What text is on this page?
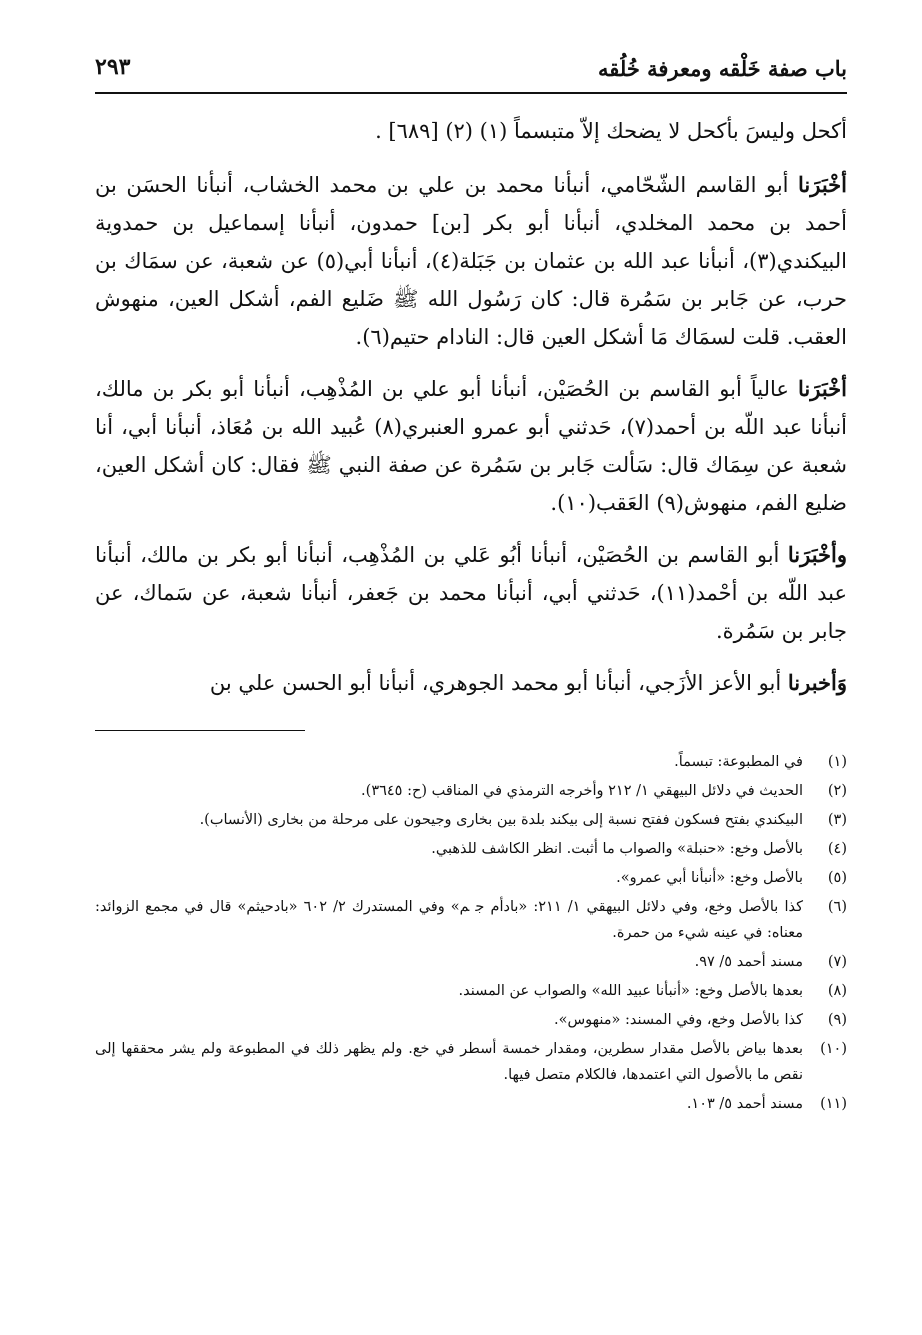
باب صفة خَلْقه ومعرفة خُلُقه
٢٩٣

أكحل وليسَ بأكحل لا يضحك إلاّ متبسماً (١) (٢) [٦٨٩] .

أخْبَرَنا أبو القاسم الشّحّامي، أنبأنا محمد بن علي بن محمد الخشاب، أنبأنا الحسَن بن أحمد بن محمد المخلدي، أنبأنا أبو بكر [بن] حمدون، أنبأنا إسماعيل بن حمدوية البيكندي(٣)، أنبأنا عبد الله بن عثمان بن جَبَلة(٤)، أنبأنا أبي(٥) عن شعبة، عن سمَاك بن حرب، عن جَابر بن سَمُرة قال: كان رَسُول الله ﷺ ضَليع الفم، أشكل العين، منهوش العقب. قلت لسمَاك مَا أشكل العين قال: النادام حتيم(٦).

أخْبَرَنا عالياً أبو القاسم بن الحُصَيْن، أنبأنا أبو علي بن المُذْهِب، أنبأنا أبو بكر بن مالك، أنبأنا عبد اللّه بن أحمد(٧)، حَدثني أبو عمرو العنبري(٨) عُبيد الله بن مُعَاذ، أنبأنا أبي، أنا شعبة عن سِمَاك قال: سَألت جَابر بن سَمُرة عن صفة النبي ﷺ فقال: كان أشكل العين، ضليع الفم، منهوش(٩) العَقب(١٠).

وأخْبَرَنا أبو القاسم بن الحُصَيْن، أنبأنا أبُو عَلي بن المُذْهِب، أنبأنا أبو بكر بن مالك، أنبأنا عبد اللّه بن أحْمد(١١)، حَدثني أبي، أنبأنا محمد بن جَعفر، أنبأنا شعبة، عن سَماك، عن جابر بن سَمُرة.

وَأخبرنا أبو الأعز الأزَجي، أنبأنا أبو محمد الجوهري، أنبأنا أبو الحسن علي بن

(١)
في المطبوعة: تبسماً.
(٢)
الحديث في دلائل البيهقي ١/ ٢١٢ وأخرجه الترمذي في المناقب (ح: ٣٦٤٥).
(٣)
البيكندي بفتح فسكون ففتح نسبة إلى بيكند بلدة بين بخارى وجيحون على مرحلة من بخارى (الأنساب).
(٤)
بالأصل وخع: «حنبلة» والصواب ما أثبت. انظر الكاشف للذهبي.
(٥)
بالأصل وخع: «أنبأنا أبي عمرو».
(٦)
كذا بالأصل وخع، وفي دلائل البيهقي ١/ ٢١١: «بادأم ج‍ ‍م» وفي المستدرك ٢/ ٦٠٢ «بادحيثم» قال في مجمع الزوائد: معناه: في عينه شيء من حمرة.
(٧)
مسند أحمد ٥/ ٩٧.
(٨)
بعدها بالأصل وخع: «أنبأنا عبيد الله» والصواب عن المسند.
(٩)
كذا بالأصل وخع، وفي المسند: «منهوس».
(١٠)
بعدها بياض بالأصل مقدار سطرين، ومقدار خمسة أسطر في خع. ولم يظهر ذلك في المطبوعة ولم يشر محققها إلى نقص ما بالأصول التي اعتمدها، فالكلام متصل فيها.
(١١)
مسند أحمد ٥/ ١٠٣.
